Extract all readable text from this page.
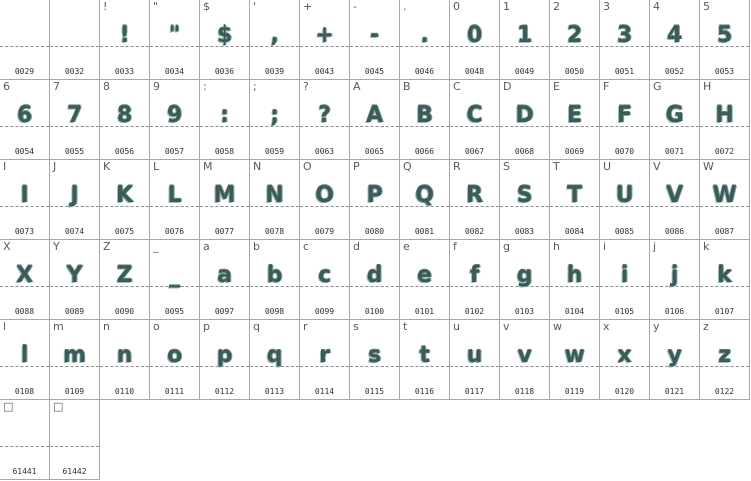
0029	0032
!
!
0033
"
"
0034
$
$
0036
'
,
0039
+
+
0043
-
-
0045
.
.
0046
0
0
0048
1
1
0049
2
2
0050
3
3
0051
4
4
0052
5
5
0053
6
6
0054
7
7
0055
8
8
0056
9
9
0057
:
:
0058
;
;
0059
?
?
0063
A
A
0065
B
B
0066
C
C
0067
D
D
0068
E
E
0069
F
F
0070
G
G
0071
H
H
0072
I
I
0073
J
J
0074
K
K
0075
L
L
0076
M
M
0077
N
N
0078
O
O
0079
P
P
0080
Q
Q
0081
R
R
0082
S
S
0083
T
T
0084
U
U
0085
V
V
0086
W
W
0087
X
X
0088
Y
Y
0089
Z
Z
0090
_
_
0095
a
a
0097
b
b
0098
c
c
0099
d
d
0100
e
e
0101
f
f
0102
g
g
0103
h
h
0104
i
i
0105
j
j
0106
k
k
0107
l
l
0108
m
m
0109
n
n
0110
o
o
0111
p
p
0112
q
q
0113
r
r
0114
s
s
0115
t
t
0116
u
u
0117
v
v
0118
w
w
0119
x
x
0120
y
y
0121
z
z
0122
□
61441
□
61442
